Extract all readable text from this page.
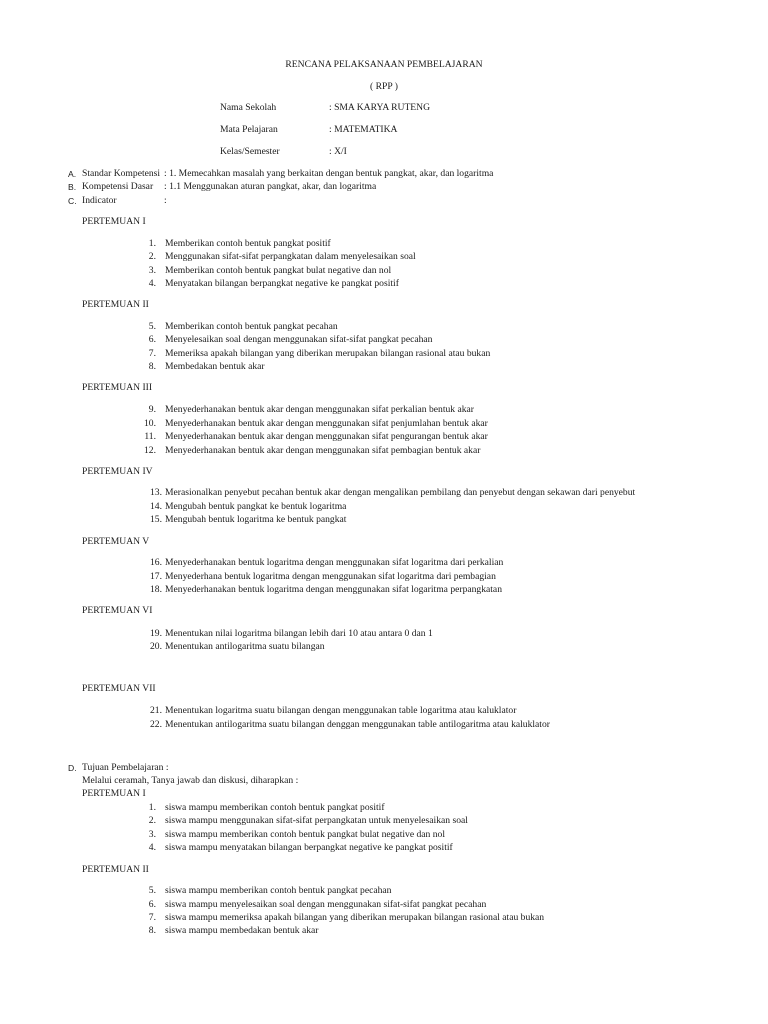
RENCANA PELAKSANAAN PEMBELAJARAN
( RPP )
Nama Sekolah	: SMA KARYA RUTENG
Mata Pelajaran	: MATEMATIKA
Kelas/Semester	: X/I
A. Standar Kompetensi : 1. Memecahkan masalah yang berkaitan dengan bentuk pangkat, akar, dan logaritma
B. Kompetensi Dasar : 1.1 Menggunakan aturan pangkat, akar, dan logaritma
C. Indicator	:
PERTEMUAN I
1. Memberikan contoh bentuk pangkat positif
2. Menggunakan sifat-sifat perpangkatan dalam menyelesaikan soal
3. Memberikan contoh bentuk pangkat bulat negative dan nol
4. Menyatakan bilangan berpangkat negative ke pangkat positif
PERTEMUAN II
5. Memberikan contoh bentuk pangkat pecahan
6. Menyelesaikan soal dengan menggunakan sifat-sifat pangkat pecahan
7. Memeriksa apakah bilangan yang diberikan merupakan bilangan rasional atau bukan
8. Membedakan bentuk akar
PERTEMUAN III
9. Menyederhanakan bentuk akar dengan menggunakan sifat perkalian bentuk akar
10. Menyederhanakan bentuk akar dengan menggunakan sifat penjumlahan bentuk akar
11. Menyederhanakan bentuk akar dengan menggunakan sifat pengurangan bentuk akar
12. Menyederhanakan bentuk akar dengan menggunakan sifat pembagian bentuk akar
PERTEMUAN IV
13. Merasionalkan penyebut pecahan bentuk akar dengan mengalikan pembilang dan penyebut dengan sekawan dari penyebut
14. Mengubah bentuk pangkat ke bentuk logaritma
15. Mengubah bentuk logaritma ke bentuk pangkat
PERTEMUAN V
16. Menyederhanakan bentuk logaritma dengan menggunakan sifat logaritma dari perkalian
17. Menyederhana bentuk logaritma dengan menggunakan sifat logaritma dari pembagian
18. Menyederhanakan bentuk logaritma dengan menggunakan sifat logaritma perpangkatan
PERTEMUAN VI
19. Menentukan nilai logaritma bilangan lebih dari 10 atau antara 0 dan 1
20. Menentukan antilogaritma suatu bilangan
PERTEMUAN VII
21. Menentukan logaritma suatu bilangan dengan menggunakan table logaritma atau kaluklator
22. Menentukan antilogaritma suatu bilangan denggan menggunakan table antilogaritma atau kaluklator
D. Tujuan Pembelajaran :
Melalui ceramah, Tanya jawab dan diskusi, diharapkan :
PERTEMUAN I
1. siswa mampu memberikan contoh bentuk pangkat positif
2. siswa mampu menggunakan sifat-sifat perpangkatan untuk menyelesaikan soal
3. siswa mampu memberikan contoh bentuk pangkat bulat negative dan nol
4. siswa mampu menyatakan bilangan berpangkat negative ke pangkat positif
PERTEMUAN II
5. siswa mampu memberikan contoh bentuk pangkat pecahan
6. siswa mampu menyelesaikan soal dengan menggunakan sifat-sifat pangkat pecahan
7. siswa mampu memeriksa apakah bilangan yang diberikan merupakan bilangan rasional atau bukan
8. siswa mampu membedakan bentuk akar
